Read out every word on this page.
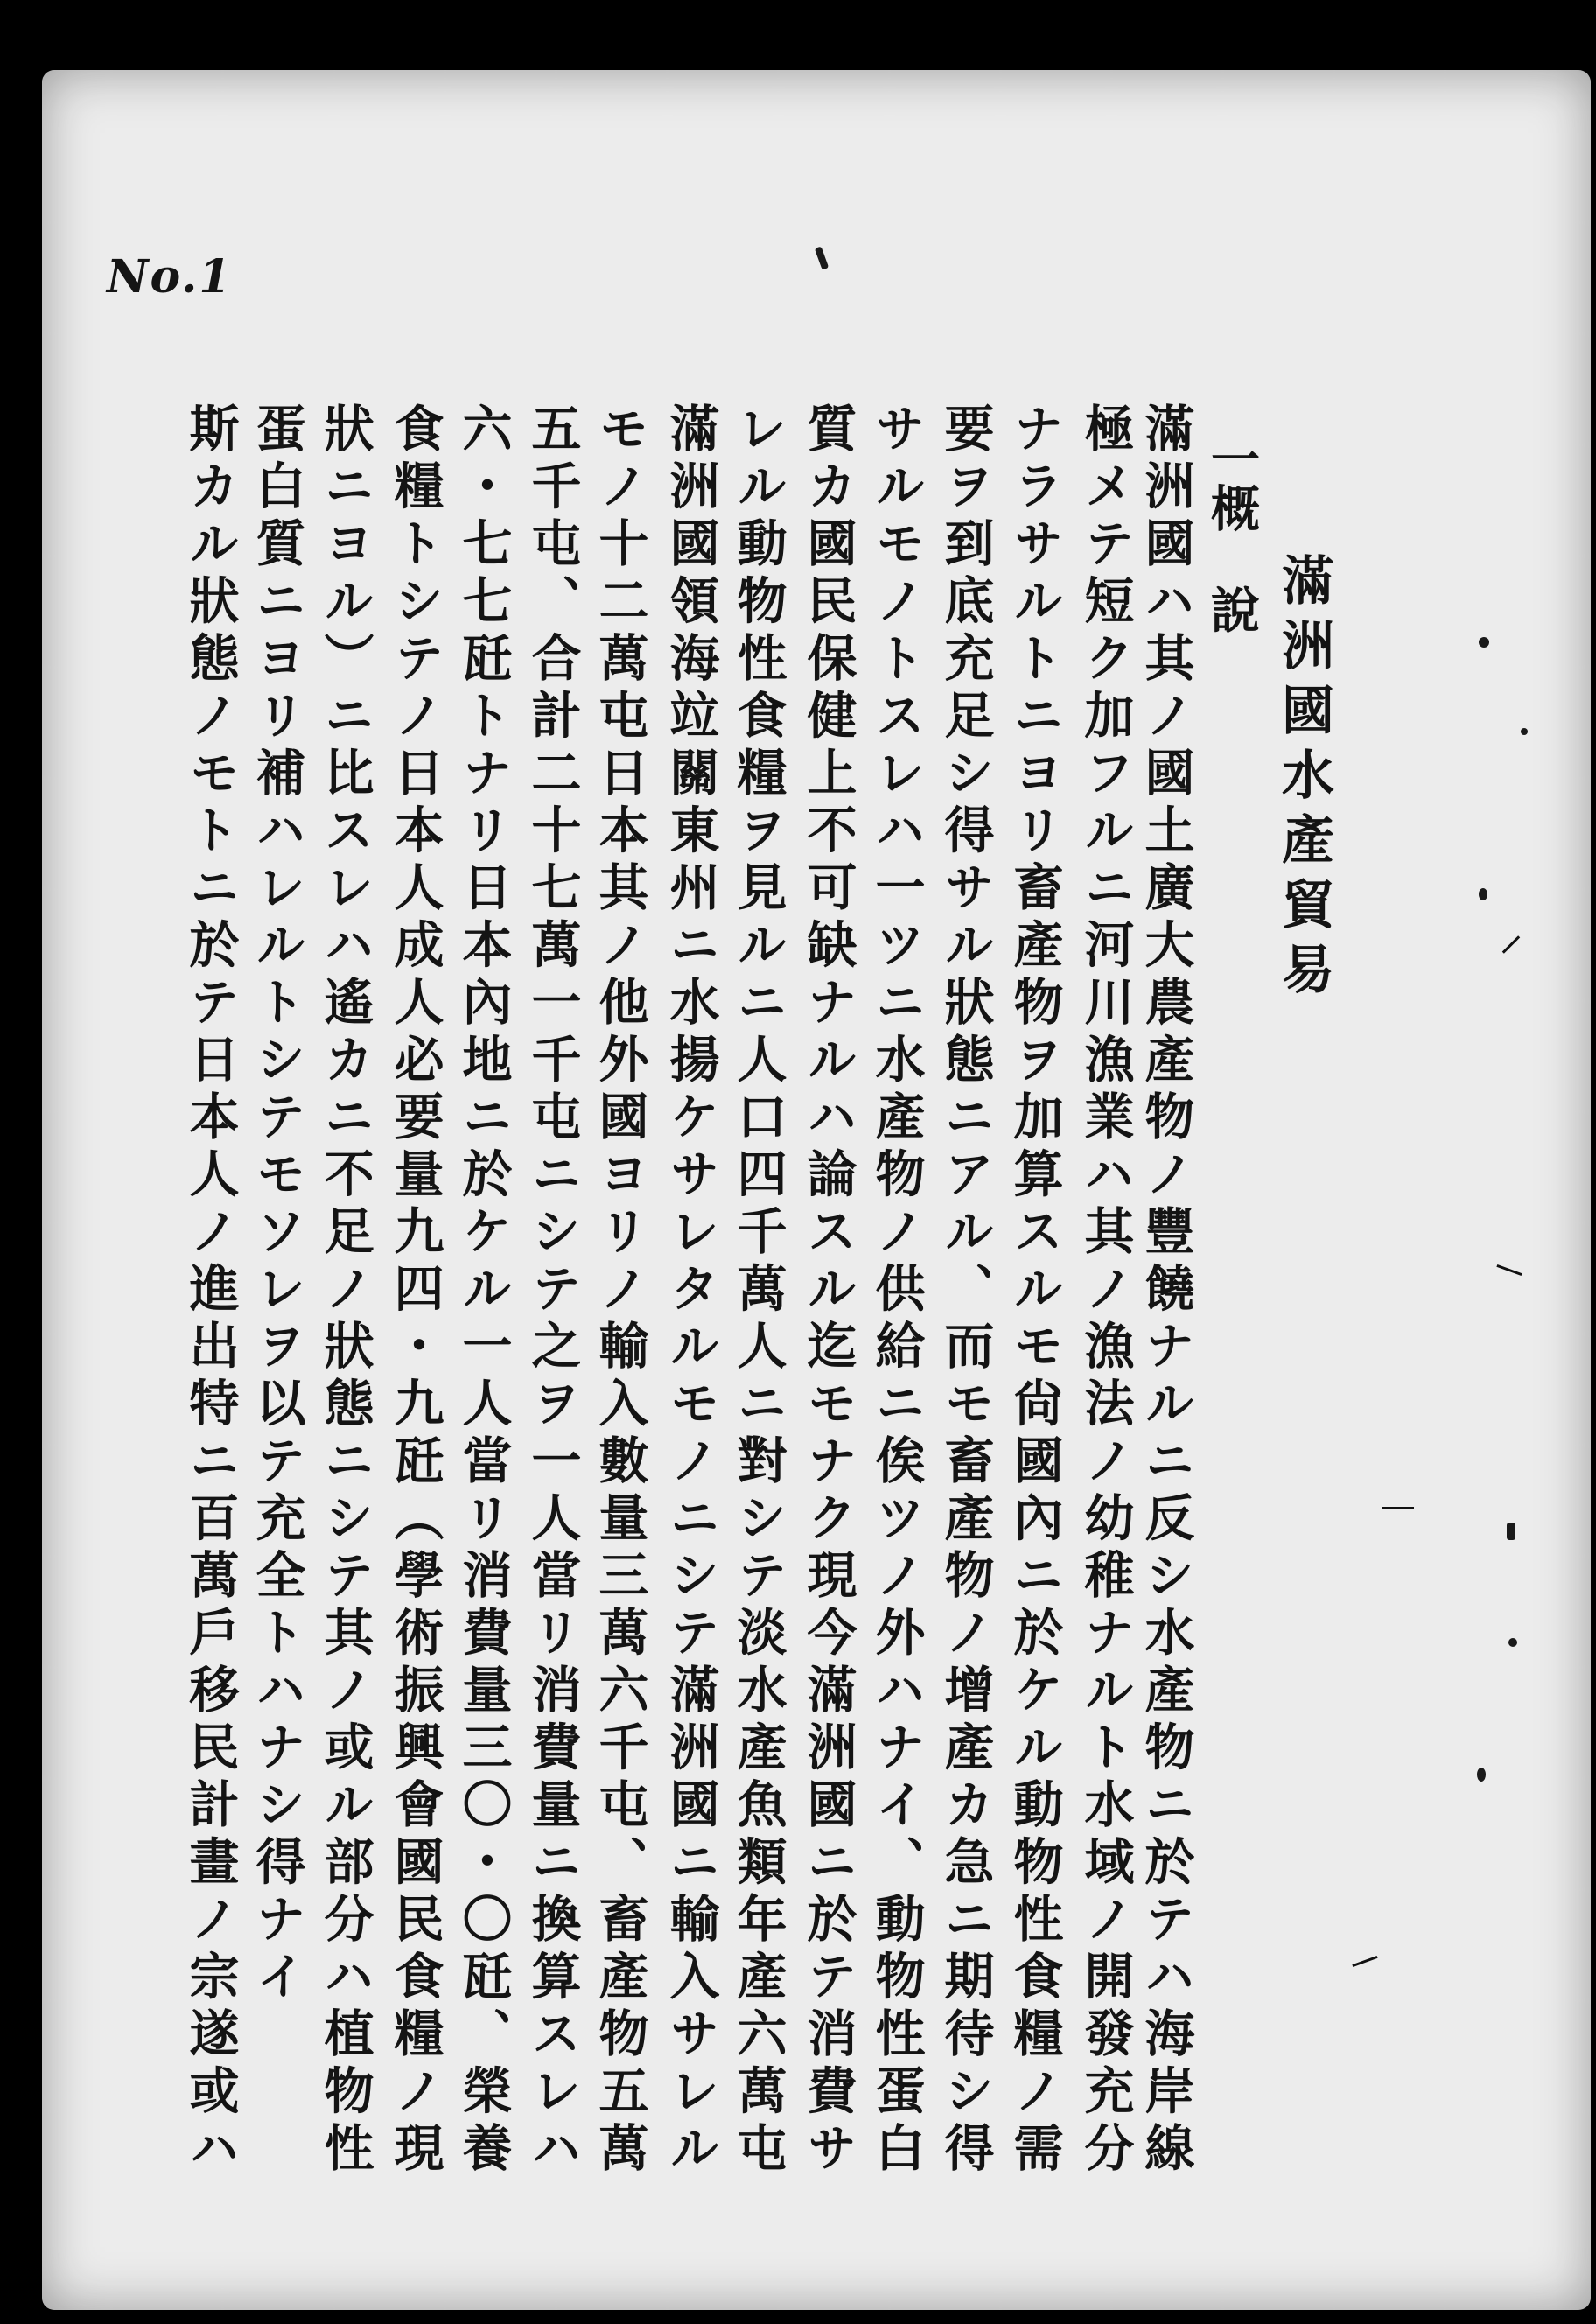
No.1
滿洲國水產貿易
一概說
滿洲國ハ其ノ國土廣大農產物ノ豐饒ナルニ反シ水產物ニ於テハ海岸線
極メテ短ク加フルニ河川漁業ハ其ノ漁法ノ幼稚ナルト水域ノ開發充分
ナラサルトニヨリ畜產物ヲ加算スルモ尙國內ニ於ケル動物性食糧ノ需
要ヲ到底充足シ得サル狀態ニアル、而モ畜產物ノ增產カ急ニ期待シ得
サルモノトスレハ一ツニ水產物ノ供給ニ俟ツノ外ハナイ、動物性蛋白
質カ國民保健上不可缺ナルハ論スル迄モナク現今滿洲國ニ於テ消費サ
レル動物性食糧ヲ見ルニ人口四千萬人ニ對シテ淡水產魚類年產六萬屯
滿洲國領海竝關東州ニ水揚ケサレタルモノニシテ滿洲國ニ輸入サレル
モノ十二萬屯日本其ノ他外國ヨリノ輸入數量三萬六千屯、畜產物五萬
五千屯、合計二十七萬一千屯ニシテ之ヲ一人當リ消費量ニ換算スレハ
六・七七瓩トナリ日本內地ニ於ケル一人當リ消費量三〇・〇瓩、榮養
食糧トシテノ日本人成人必要量九四・九瓩（學術振興會國民食糧ノ現
狀ニヨル）ニ比スレハ遙カニ不足ノ狀態ニシテ其ノ或ル部分ハ植物性
蛋白質ニヨリ補ハレルトシテモソレヲ以テ充全トハナシ得ナイ
斯カル狀態ノモトニ於テ日本人ノ進出特ニ百萬戶移民計畫ノ宗遂或ハ
